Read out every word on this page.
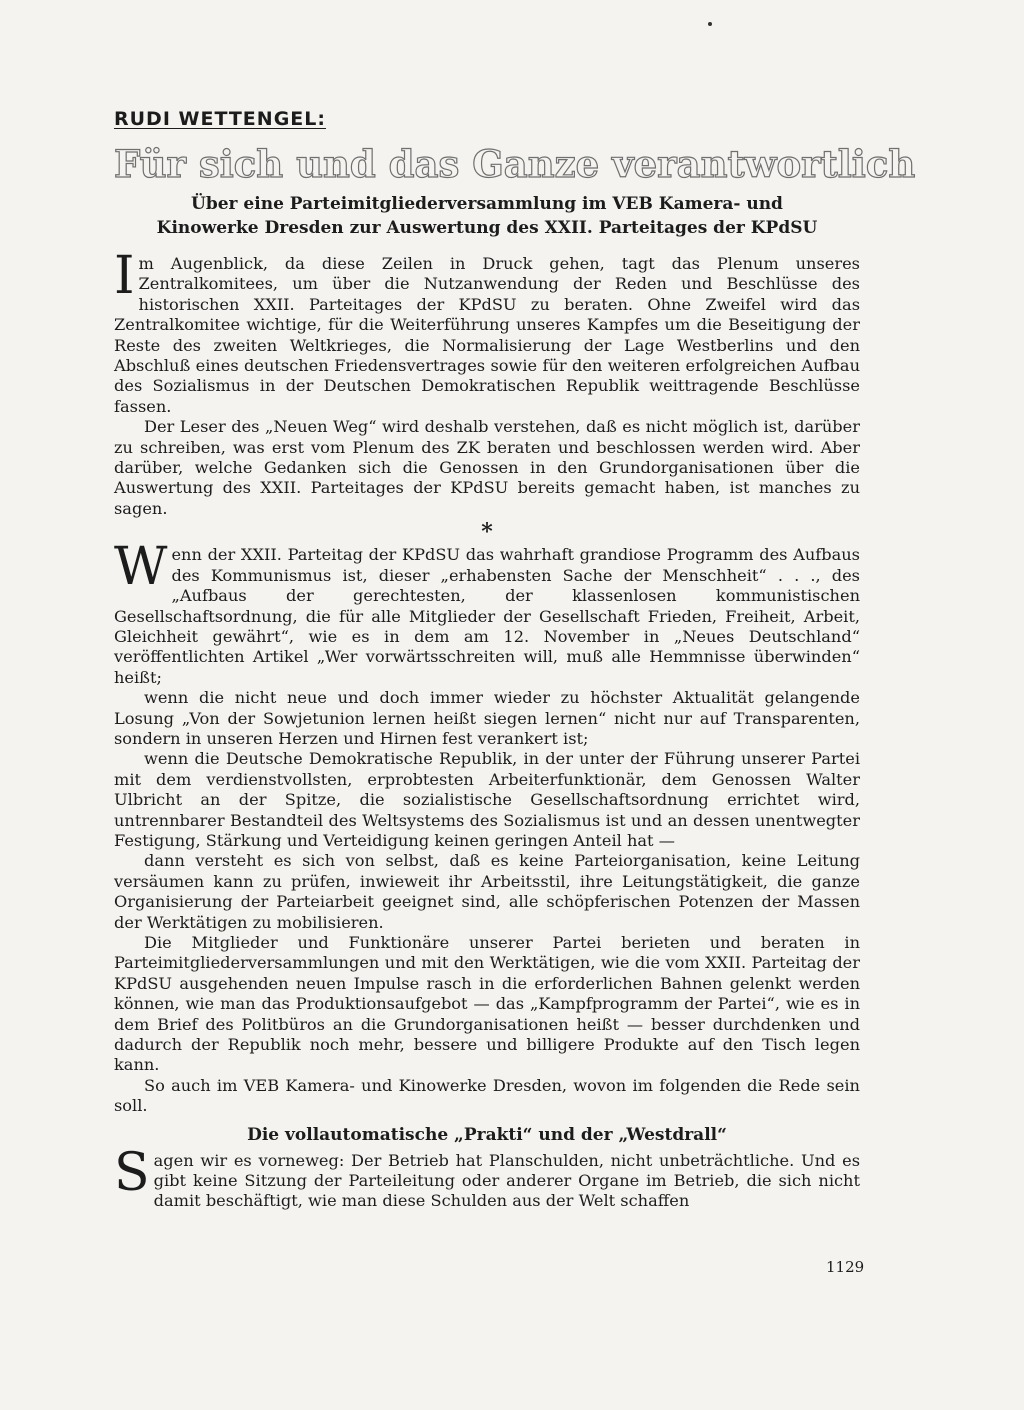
RUDI WETTENGEL:
Für sich und das Ganze verantwortlich
Über eine Parteimitgliederversammlung im VEB Kamera- und
Kinowerke Dresden zur Auswertung des XXII. Parteitages der KPdSU

Im Augenblick, da diese Zeilen in Druck gehen, tagt das Plenum unseres Zentralkomitees, um über die Nutzanwendung der Reden und Beschlüsse des historischen XXII. Parteitages der KPdSU zu beraten. Ohne Zweifel wird das Zentralkomitee wichtige, für die Weiterführung unseres Kampfes um die Beseitigung der Reste des zweiten Weltkrieges, die Normalisierung der Lage Westberlins und den Abschluß eines deutschen Friedensvertrages sowie für den weiteren erfolgreichen Aufbau des Sozialismus in der Deutschen Demokratischen Republik weittragende Beschlüsse fassen.

Der Leser des „Neuen Weg“ wird deshalb verstehen, daß es nicht möglich ist, darüber zu schreiben, was erst vom Plenum des ZK beraten und beschlossen werden wird. Aber darüber, welche Gedanken sich die Genossen in den Grundorganisationen über die Auswertung des XXII. Parteitages der KPdSU bereits gemacht haben, ist manches zu sagen.

*

Wenn der XXII. Parteitag der KPdSU das wahrhaft grandiose Programm des Aufbaus des Kommunismus ist, dieser „erhabensten Sache der Menschheit“ . . ., des „Aufbaus der gerechtesten, der klassenlosen kommunistischen Gesellschaftsordnung, die für alle Mitglieder der Gesellschaft Frieden, Freiheit, Arbeit, Gleichheit gewährt“, wie es in dem am 12. November in „Neues Deutschland“ veröffentlichten Artikel „Wer vorwärtsschreiten will, muß alle Hemmnisse überwinden“ heißt;

wenn die nicht neue und doch immer wieder zu höchster Aktualität gelangende Losung „Von der Sowjetunion lernen heißt siegen lernen“ nicht nur auf Transparenten, sondern in unseren Herzen und Hirnen fest verankert ist;

wenn die Deutsche Demokratische Republik, in der unter der Führung unserer Partei mit dem verdienstvollsten, erprobtesten Arbeiterfunktionär, dem Genossen Walter Ulbricht an der Spitze, die sozialistische Gesellschaftsordnung errichtet wird, untrennbarer Bestandteil des Weltsystems des Sozialismus ist und an dessen unentwegter Festigung, Stärkung und Verteidigung keinen geringen Anteil hat —

dann versteht es sich von selbst, daß es keine Parteiorganisation, keine Leitung versäumen kann zu prüfen, inwieweit ihr Arbeitsstil, ihre Leitungstätigkeit, die ganze Organisierung der Parteiarbeit geeignet sind, alle schöpferischen Potenzen der Massen der Werktätigen zu mobilisieren.

Die Mitglieder und Funktionäre unserer Partei berieten und beraten in Parteimitgliederversammlungen und mit den Werktätigen, wie die vom XXII. Parteitag der KPdSU ausgehenden neuen Impulse rasch in die erforderlichen Bahnen gelenkt werden können, wie man das Produktionsaufgebot — das „Kampfprogramm der Partei“, wie es in dem Brief des Politbüros an die Grundorganisationen heißt — besser durchdenken und dadurch der Republik noch mehr, bessere und billigere Produkte auf den Tisch legen kann.

So auch im VEB Kamera- und Kinowerke Dresden, wovon im folgenden die Rede sein soll.

Die vollautomatische „Prakti“ und der „Westdrall“

Sagen wir es vorneweg: Der Betrieb hat Planschulden, nicht unbeträchtliche. Und es gibt keine Sitzung der Parteileitung oder anderer Organe im Betrieb, die sich nicht damit beschäftigt, wie man diese Schulden aus der Welt schaffen

1129
